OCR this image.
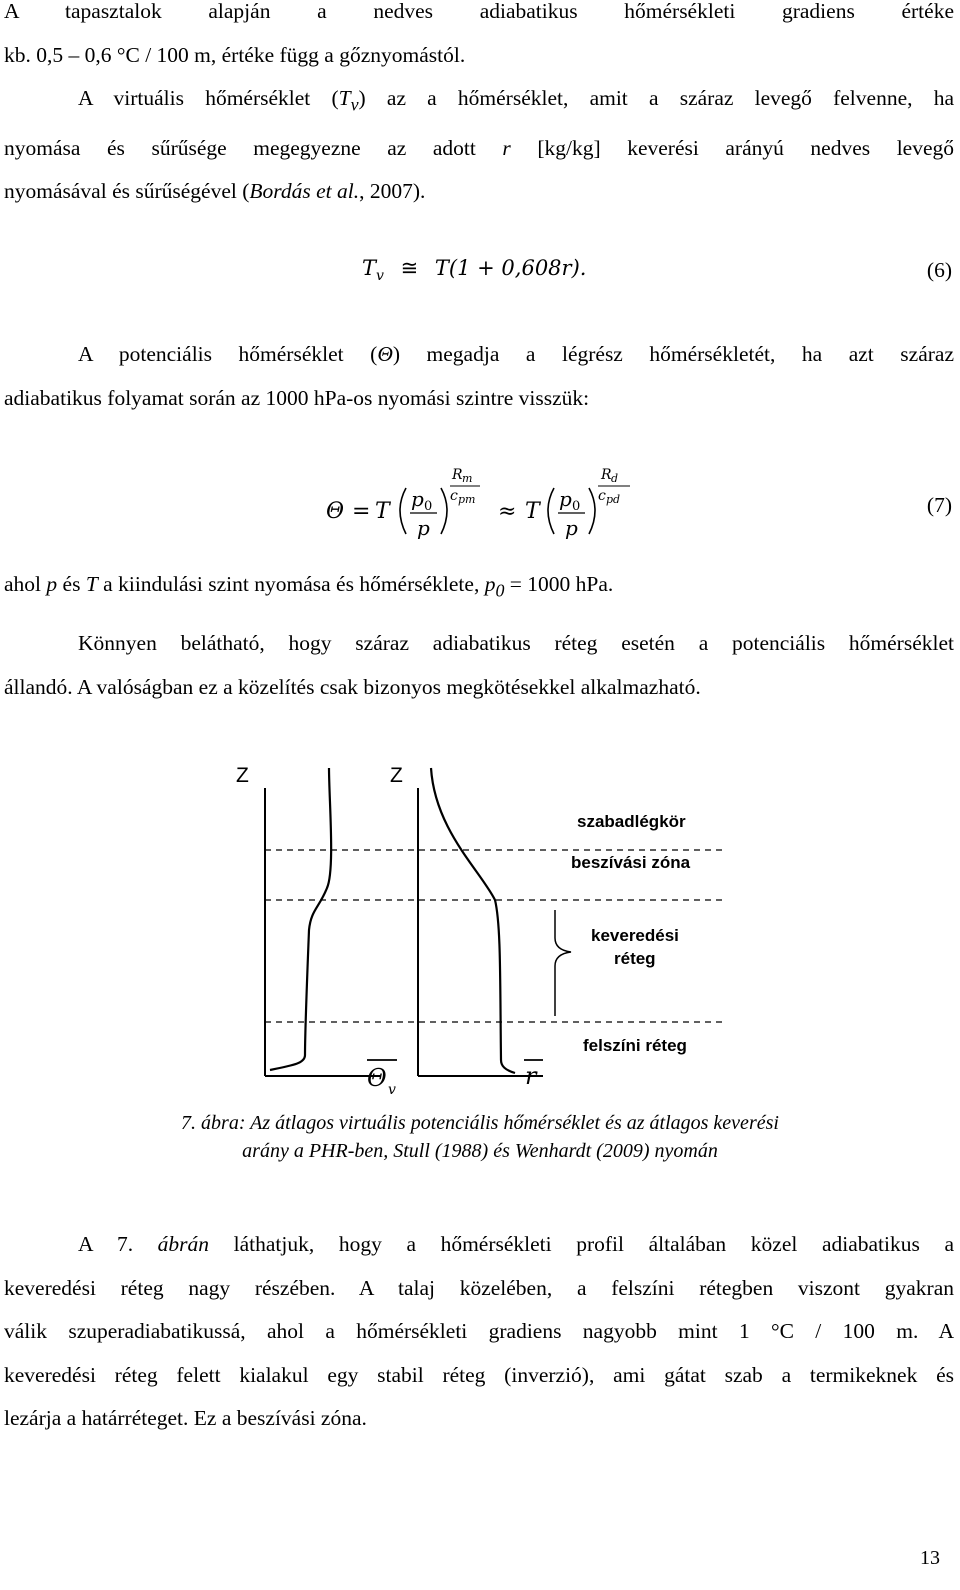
A tapasztalok alapján a nedves adiabatikus hőmérsékleti gradiens értéke
kb. 0,5 – 0,6 °C / 100 m, értéke függ a gőznyomástól.
A virtuális hőmérséklet $(T_v)$ az a hőmérséklet, amit a száraz levegő felvenne, ha
nyomása és sűrűsége megegyezne az adott r [kg/kg] keverési arányú nedves levegő
nyomásával és sűrűségével (Bordás et al., 2007).
$T_v$ ≅ T(1 + 0,608r).	(6)
A potenciális hőmérséklet (Θ) megadja a légrész hőmérsékletét, ha azt száraz
adiabatikus folyamat során az 1000 hPa-os nyomási szintre visszük:
Θ = T p 0
p
R m
c pm ≈ T p 0
p
R d
c pd	(7)
ahol p és T a kiindulási szint nyomása és hőmérséklete, $p_0 = 1000$ hPa.
Könnyen belátható, hogy száraz adiabatikus réteg esetén a potenciális hőmérséklet
állandó. A valóságban ez a közelítés csak bizonyos megkötésekkel alkalmazható.
Z	Z
szabadlégkör
beszívási zóna
keveredési
réteg
felszíni réteg
Θ v	r
7. ábra: Az átlagos virtuális potenciális hőmérséklet és az átlagos keverési
arány a PHR-ben, Stull (1988) és Wenhardt (2009) nyomán
A 7. ábrán láthatjuk, hogy a hőmérsékleti profil általában közel adiabatikus a
keveredési réteg nagy részében. A talaj közelében, a felszíni rétegben viszont gyakran
válik szuperadiabatikussá, ahol a hőmérsékleti gradiens nagyobb mint 1 °C / 100 m. A
keveredési réteg felett kialakul egy stabil réteg (inverzió), ami gátat szab a termikeknek és
lezárja a határréteget. Ez a beszívási zóna.
13
